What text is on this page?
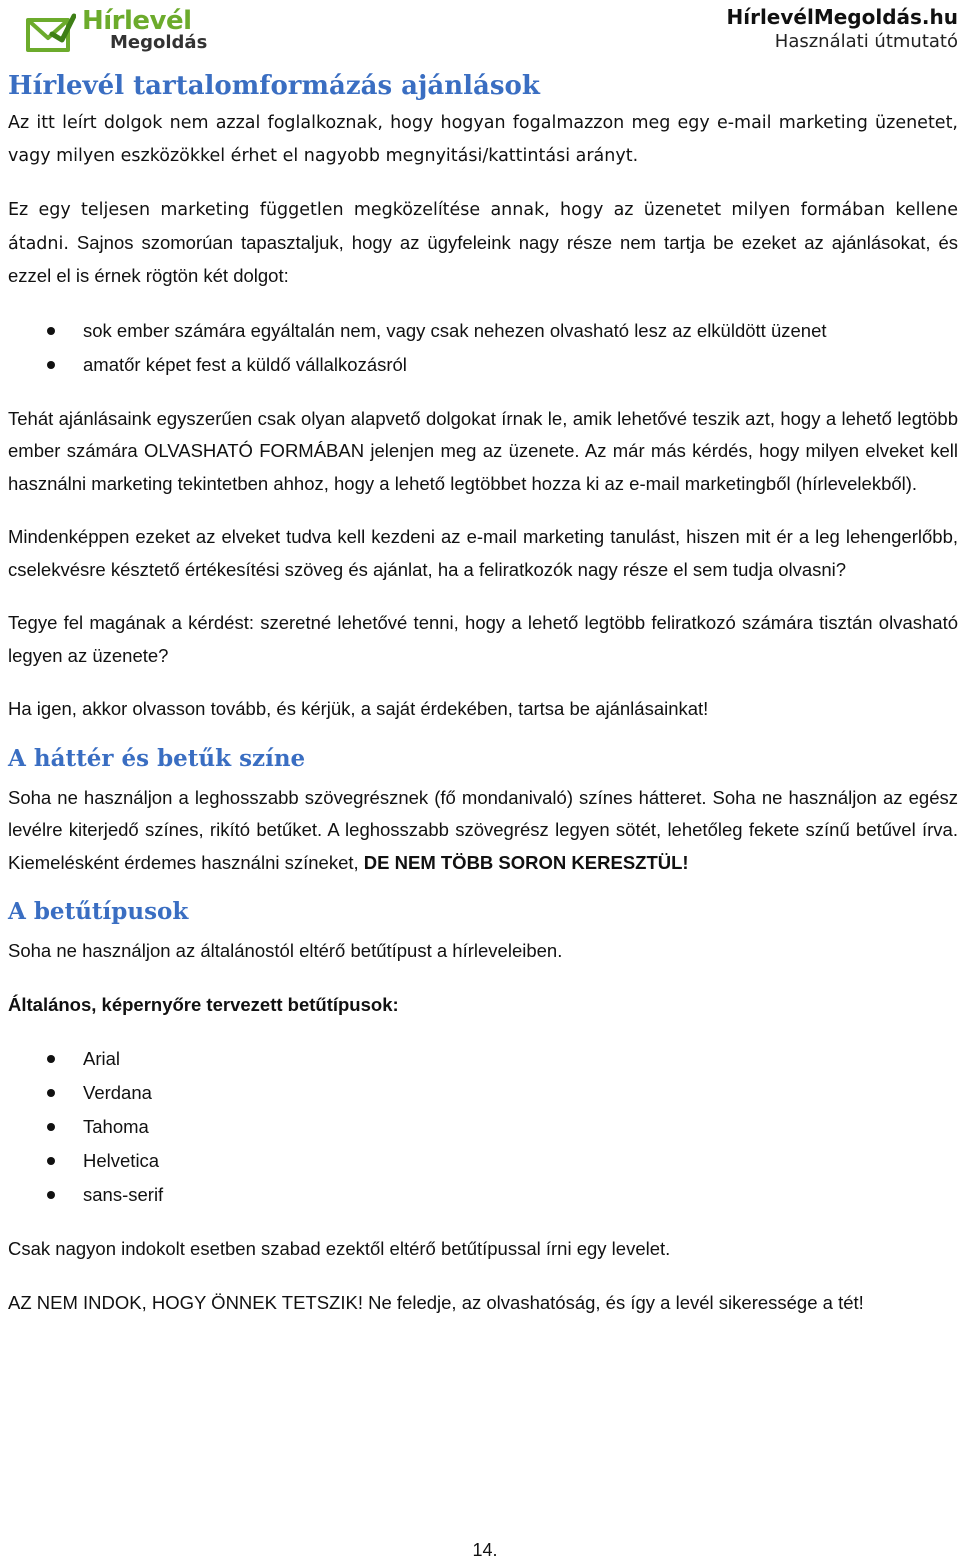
Hírlevél
Megoldás
HírlevélMegoldás.hu
Használati útmutató
Hírlevél tartalomformázás ajánlások

Az itt leírt dolgok nem azzal foglalkoznak, hogy hogyan fogalmazzon meg egy e-mail marketing üzenetet, vagy milyen eszközökkel érhet el nagyobb megnyitási/kattintási arányt.

Ez egy teljesen marketing független megközelítése annak, hogy az üzenetet milyen formában kellene átadni. Sajnos szomorúan tapasztaljuk, hogy az ügyfeleink nagy része nem tartja be ezeket az ajánlásokat, és ezzel el is érnek rögtön két dolgot:

sok ember számára egyáltalán nem, vagy csak nehezen olvasható lesz az elküldött üzenet
amatőr képet fest a küldő vállalkozásról

Tehát ajánlásaink egyszerűen csak olyan alapvető dolgokat írnak le, amik lehetővé teszik azt, hogy a lehető legtöbb ember számára OLVASHATÓ FORMÁBAN jelenjen meg az üzenete. Az már más kérdés, hogy milyen elveket kell használni marketing tekintetben ahhoz, hogy a lehető legtöbbet hozza ki az e-mail marketingből (hírlevelekből).

Mindenképpen ezeket az elveket tudva kell kezdeni az e-mail marketing tanulást, hiszen mit ér a leg lehengerlőbb, cselekvésre késztető értékesítési szöveg és ajánlat, ha a feliratkozók nagy része el sem tudja olvasni?

Tegye fel magának a kérdést: szeretné lehetővé tenni, hogy a lehető legtöbb feliratkozó számára tisztán olvasható legyen az üzenete?

Ha igen, akkor olvasson tovább, és kérjük, a saját érdekében, tartsa be ajánlásainkat!

A háttér és betűk színe

Soha ne használjon a leghosszabb szövegrésznek (fő mondanivaló) színes hátteret. Soha ne használjon az egész levélre kiterjedő színes, rikító betűket. A leghosszabb szövegrész legyen sötét, lehetőleg fekete színű betűvel írva. Kiemelésként érdemes használni színeket, DE NEM TÖBB SORON KERESZTÜL!

A betűtípusok

Soha ne használjon az általánostól eltérő betűtípust a hírleveleiben.

Általános, képernyőre tervezett betűtípusok:

Arial
Verdana
Tahoma
Helvetica
sans-serif

Csak nagyon indokolt esetben szabad ezektől eltérő betűtípussal írni egy levelet.

AZ NEM INDOK, HOGY ÖNNEK TETSZIK! Ne feledje, az olvashatóság, és így a levél sikeressége a tét!

14.
